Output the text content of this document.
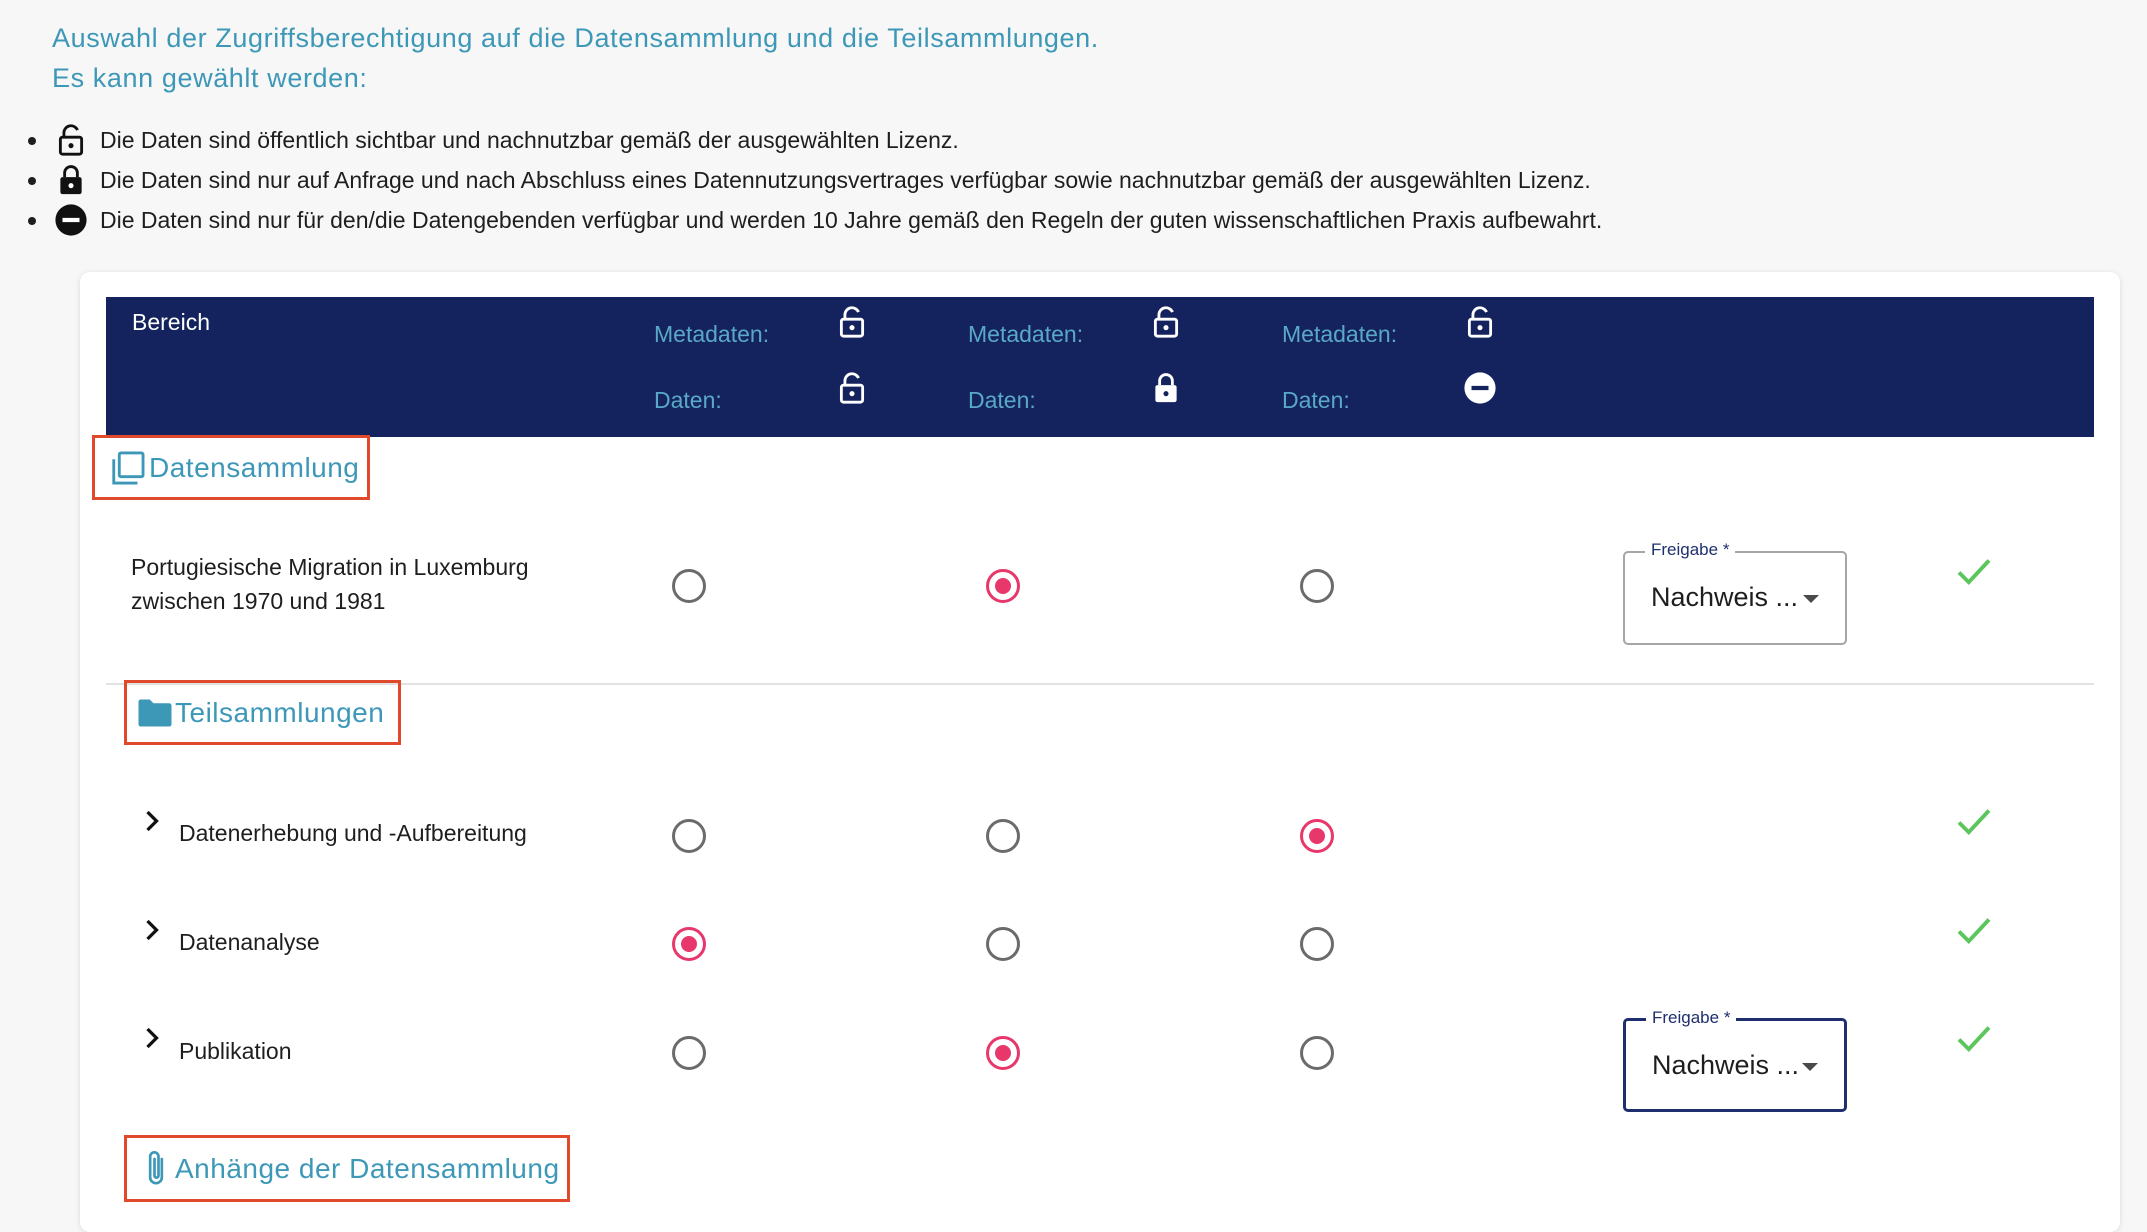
Auswahl der Zugriffsberechtigung auf die Datensammlung und die Teilsammlungen.
Es kann gewählt werden:
Die Daten sind öffentlich sichtbar und nachnutzbar gemäß der ausgewählten Lizenz.
Die Daten sind nur auf Anfrage und nach Abschluss eines Datennutzungsvertrages verfügbar sowie nachnutzbar gemäß der ausgewählten Lizenz.
Die Daten sind nur für den/die Datengebenden verfügbar und werden 10 Jahre gemäß den Regeln der guten wissenschaftlichen Praxis aufbewahrt.
Bereich	Metadaten:
Daten:
Metadaten:
Daten:
Metadaten:
Daten:
Datensammlung
Portugiesische Migration in Luxemburg
zwischen 1970 und 1981
Freigabe *
Nachweis ...
Teilsammlungen
Datenerhebung und -Aufbereitung
Datenanalyse
Publikation
Freigabe *
Nachweis ...
Anhänge der Datensammlung
